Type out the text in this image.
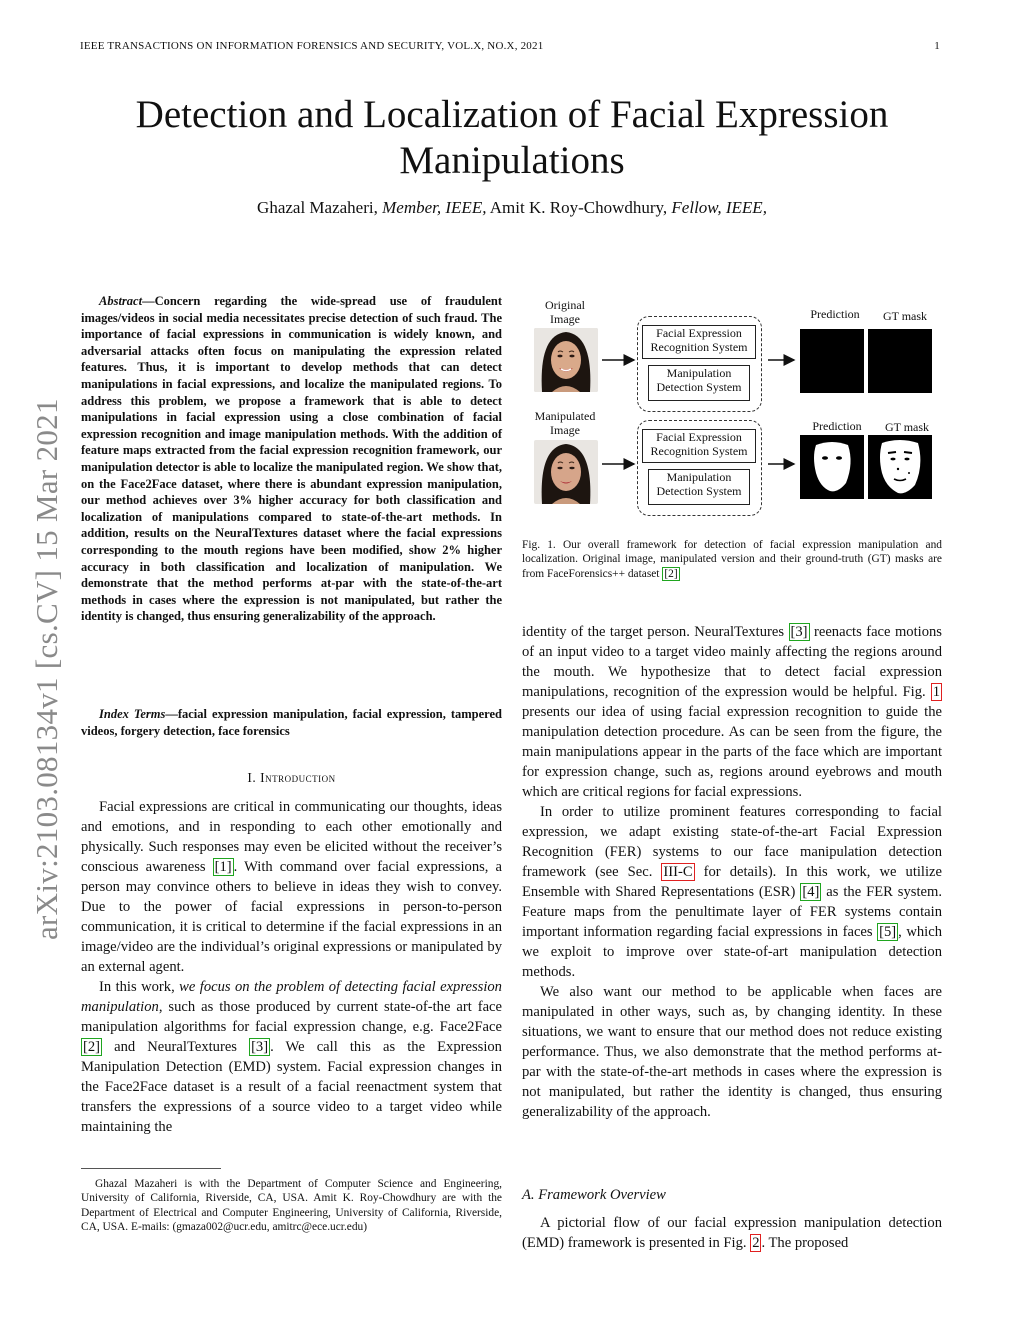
IEEE TRANSACTIONS ON INFORMATION FORENSICS AND SECURITY, VOL.X, NO.X, 2021	1
Detection and Localization of Facial Expression Manipulations
Ghazal Mazaheri, Member, IEEE, Amit K. Roy-Chowdhury, Fellow, IEEE,
arXiv:2103.08134v1 [cs.CV] 15 Mar 2021

Abstract—Concern regarding the wide-spread use of fraudulent images/videos in social media necessitates precise detection of such fraud. The importance of facial expressions in communication is widely known, and adversarial attacks often focus on manipulating the expression related features. Thus, it is important to develop methods that can detect manipulations in facial expressions, and localize the manipulated regions. To address this problem, we propose a framework that is able to detect manipulations in facial expression using a close combination of facial expression recognition and image manipulation methods. With the addition of feature maps extracted from the facial expression recognition framework, our manipulation detector is able to localize the manipulated region. We show that, on the Face2Face dataset, where there is abundant expression manipulation, our method achieves over 3% higher accuracy for both classification and localization of manipulations compared to state-of-the-art methods. In addition, results on the NeuralTextures dataset where the facial expressions corresponding to the mouth regions have been modified, show 2% higher accuracy in both classification and localization of manipulation. We demonstrate that the method performs at-par with the state-of-the-art methods in cases where the expression is not manipulated, but rather the identity is changed, thus ensuring generalizability of the approach.

Index Terms—facial expression manipulation, facial expression, tampered videos, forgery detection, face forensics

I. Introduction

Facial expressions are critical in communicating our thoughts, ideas and emotions, and in responding to each other emotionally and physically. Such responses may even be elicited without the receiver’s conscious awareness [1] . With command over facial expressions, a person may convince others to believe in ideas they wish to convey. Due to the power of facial expressions in person-to-person communication, it is critical to determine if the facial expressions in an image/video are the individual’s original expressions or manipulated by an external agent.

In this work, we focus on the problem of detecting facial expression manipulation, such as those produced by current state-of-the art face manipulation algorithms for facial expression change, e.g. Face2Face [2] and NeuralTextures [3] . We call this as the Expression Manipulation Detection (EMD) system. Facial expression changes in the Face2Face dataset is a result of a facial reenactment system that transfers the expressions of a source video to a target video while maintaining the

Ghazal Mazaheri is with the Department of Computer Science and Engineering, University of California, Riverside, CA, USA. Amit K. Roy-Chowdhury are with the Department of Electrical and Computer Engineering, University of California, Riverside, CA, USA. E-mails: (gmaza002@ucr.edu, amitrc@ece.ucr.edu)

Original Image
Manipulated Image
Facial Expression Recognition System
Manipulation Detection System
Facial Expression Recognition System
Manipulation Detection System
Prediction	GT mask
Prediction	GT mask
Fig. 1. Our overall framework for detection of facial expression manipulation and localization. Original image, manipulated version and their ground-truth (GT) masks are from FaceForensics++ dataset [2]

identity of the target person. NeuralTextures [3] reenacts face motions of an input video to a target video mainly affecting the regions around the mouth. We hypothesize that to detect facial expression manipulations, recognition of the expression would be helpful. Fig. 1 presents our idea of using facial expression recognition to guide the manipulation detection procedure. As can be seen from the figure, the main manipulations appear in the parts of the face which are important for expression change, such as, regions around eyebrows and mouth which are critical regions for facial expressions.

In order to utilize prominent features corresponding to facial expression, we adapt existing state-of-the-art Facial Expression Recognition (FER) systems to our face manipulation detection framework (see Sec. III-C for details). In this work, we utilize Ensemble with Shared Representations (ESR) [4] as the FER system. Feature maps from the penultimate layer of FER systems contain important information regarding facial expressions in faces [5] , which we exploit to improve over state-of-art manipulation detection methods.

We also want our method to be applicable when faces are manipulated in other ways, such as, by changing identity. In these situations, we want to ensure that our method does not reduce existing performance. Thus, we also demonstrate that the method performs at-par with the state-of-the-art methods in cases where the expression is not manipulated, but rather the identity is changed, thus ensuring generalizability of the approach.

A. Framework Overview

A pictorial flow of our facial expression manipulation detection (EMD) framework is presented in Fig. 2 . The proposed
